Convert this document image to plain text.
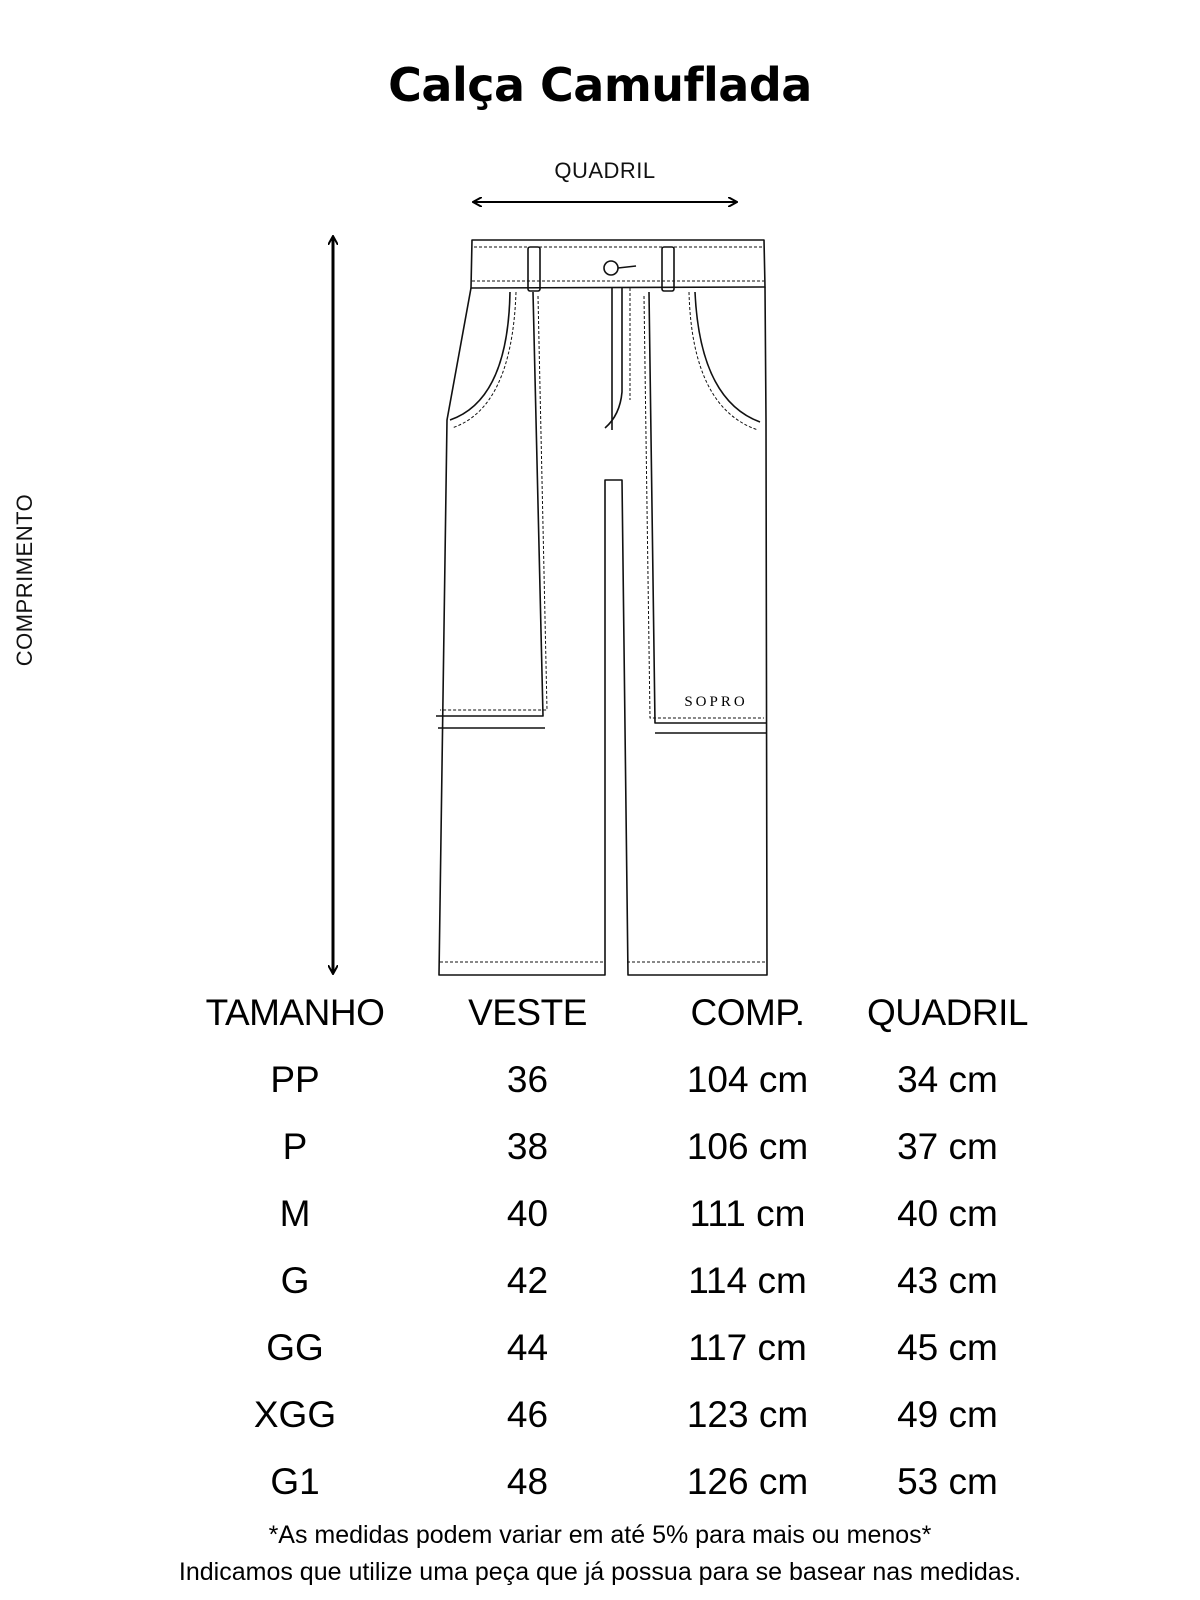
Calça Camuflada
QUADRIL
COMPRIMENTO
SOPRO
TAMANHO	VESTE	COMP.	QUADRIL
PP	36	104 cm	34 cm
P	38	106 cm	37 cm
M	40	111 cm	40 cm
G	42	114 cm	43 cm
GG	44	117 cm	45 cm
XGG	46	123 cm	49 cm
G1	48	126 cm	53 cm
*As medidas podem variar em até 5% para mais ou menos*
Indicamos que utilize uma peça que já possua para se basear nas medidas.
